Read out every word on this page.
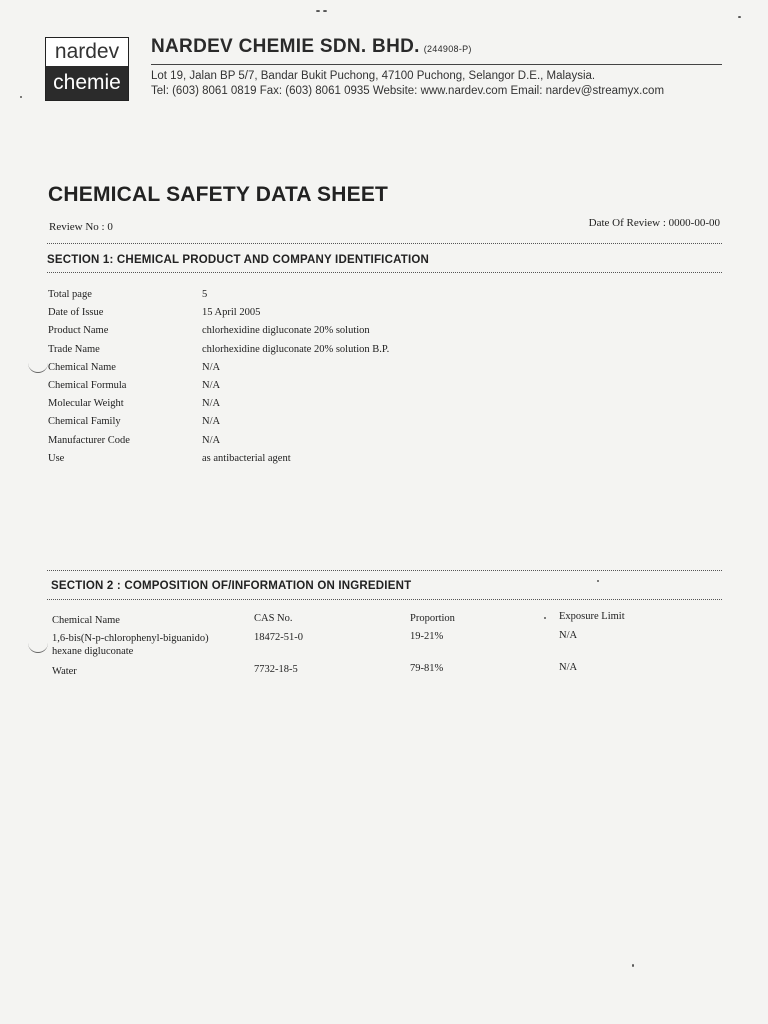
nardev
chemie
NARDEV CHEMIE SDN. BHD. (244908-P)
Lot 19, Jalan BP 5/7, Bandar Bukit Puchong, 47100 Puchong, Selangor D.E., Malaysia.
Tel: (603) 8061 0819 Fax: (603) 8061 0935 Website: www.nardev.com Email: nardev@streamyx.com
CHEMICAL SAFETY DATA SHEET
Review No : 0	Date Of Review : 0000-00-00
SECTION 1: CHEMICAL PRODUCT AND COMPANY IDENTIFICATION
Total page	5
Date of Issue	15 April 2005
Product Name	chlorhexidine digluconate 20% solution
Trade Name	chlorhexidine digluconate 20% solution B.P.
Chemical Name	N/A
Chemical Formula	N/A
Molecular Weight	N/A
Chemical Family	N/A
Manufacturer Code	N/A
Use	as antibacterial agent
SECTION 2 : COMPOSITION OF/INFORMATION ON INGREDIENT
Chemical Name	CAS No.	Proportion	Exposure Limit
1,6-bis(N-p-chlorophenyl-biguanido)
hexane digluconate
18472-51-0	19-21%	N/A
Water	7732-18-5	79-81%	N/A
